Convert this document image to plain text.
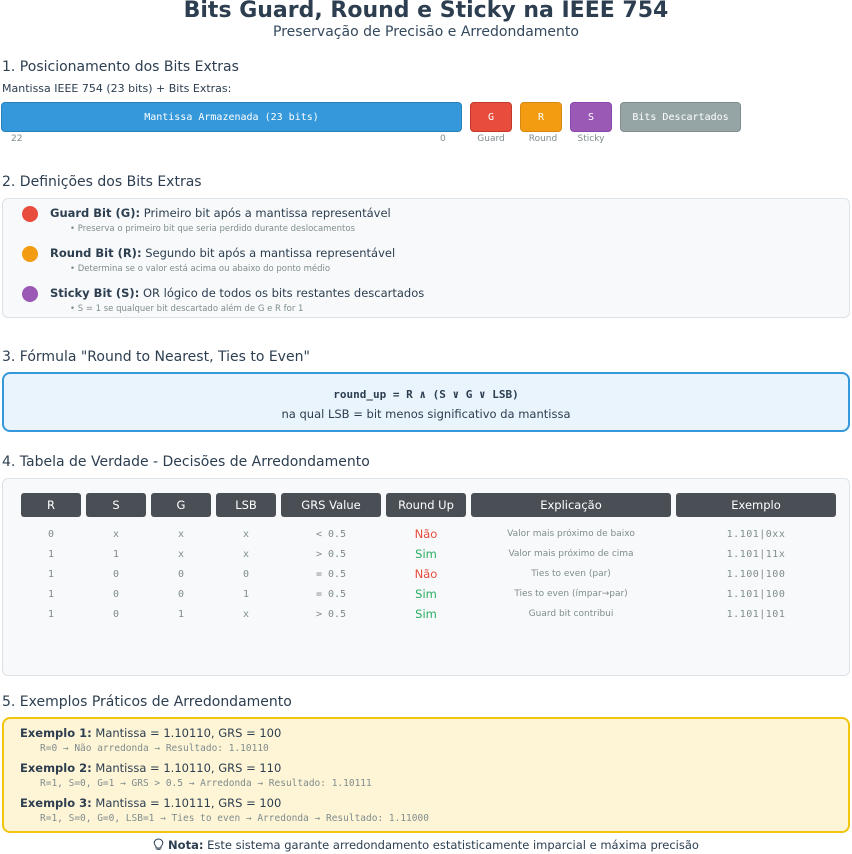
Bits Guard, Round e Sticky na IEEE 754
Preservação de Precisão e Arredondamento
1. Posicionamento dos Bits Extras
Mantissa IEEE 754 (23 bits) + Bits Extras:
Mantissa Armazenada (23 bits)	G	R	S	Bits Descartados
22	0	Guard	Round	Sticky
2. Definições dos Bits Extras
Guard Bit (G): Primeiro bit após a mantissa representável
• Preserva o primeiro bit que seria perdido durante deslocamentos
Round Bit (R): Segundo bit após a mantissa representável
• Determina se o valor está acima ou abaixo do ponto médio
Sticky Bit (S): OR lógico de todos os bits restantes descartados
• S = 1 se qualquer bit descartado além de G e R for 1
3. Fórmula "Round to Nearest, Ties to Even"
round_up = R ∧ (S ∨ G ∨ LSB)
na qual LSB = bit menos significativo da mantissa
4. Tabela de Verdade - Decisões de Arredondamento
R	S	G	LSB	GRS Value	Round Up	Explicação	Exemplo
0	x	x	x	< 0.5	Não	Valor mais próximo de baixo	1.101|0xx
1	1	x	x	> 0.5	Sim	Valor mais próximo de cima	1.101|11x
1	0	0	0	= 0.5	Não	Ties to even (par)	1.100|100
1	0	0	1	= 0.5	Sim	Ties to even (ímpar→par)	1.101|100
1	0	1	x	> 0.5	Sim	Guard bit contribui	1.101|101
5. Exemplos Práticos de Arredondamento
Exemplo 1: Mantissa = 1.10110, GRS = 100
R=0 → Não arredonda → Resultado: 1.10110
Exemplo 2: Mantissa = 1.10110, GRS = 110
R=1, S=0, G=1 → GRS > 0.5 → Arredonda → Resultado: 1.10111
Exemplo 3: Mantissa = 1.10111, GRS = 100
R=1, S=0, G=0, LSB=1 → Ties to even → Arredonda → Resultado: 1.11000
Nota: Este sistema garante arredondamento estatisticamente imparcial e máxima precisão
